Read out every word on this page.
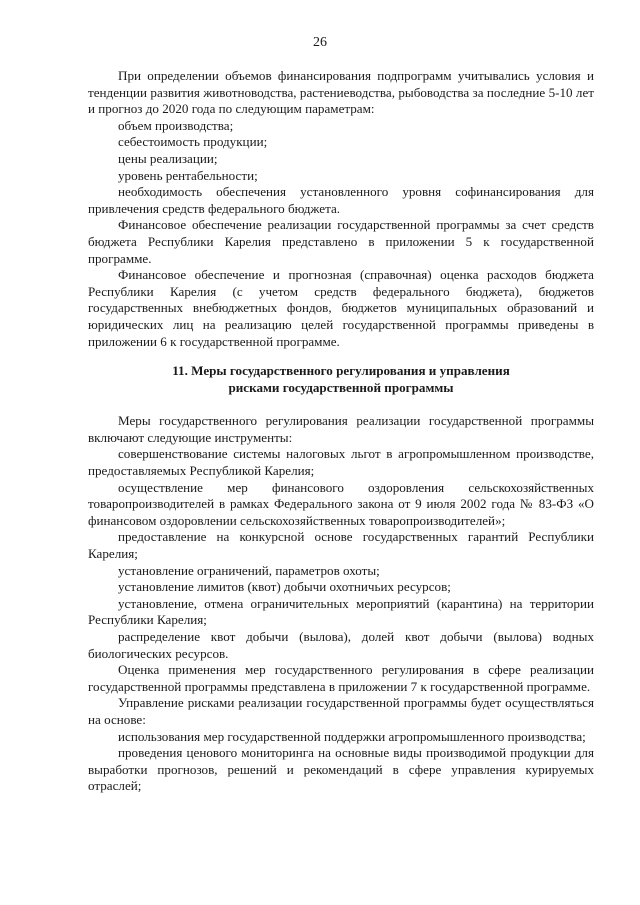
26

При определении объемов финансирования подпрограмм учитывались условия и тенденции развития животноводства, растениеводства, рыбоводства за последние 5-10 лет и прогноз до 2020 года по следующим параметрам:

объем производства;

себестоимость продукции;

цены реализации;

уровень рентабельности;

необходимость обеспечения установленного уровня софинансирования для привлечения средств федерального бюджета.

Финансовое обеспечение реализации государственной программы за счет средств бюджета Республики Карелия представлено в приложении 5 к государственной программе.

Финансовое обеспечение и прогнозная (справочная) оценка расходов бюджета Республики Карелия (с учетом средств федерального бюджета), бюджетов государственных внебюджетных фондов, бюджетов муниципальных образований и юридических лиц на реализацию целей государственной программы приведены в приложении 6 к государственной программе.

11. Меры государственного регулирования и управления
рисками государственной программы

Меры государственного регулирования реализации государственной программы включают следующие инструменты:

совершенствование системы налоговых льгот в агропромышленном производстве, предоставляемых Республикой Карелия;

осуществление мер финансового оздоровления сельскохозяйственных товаропроизводителей в рамках Федерального закона от 9 июля 2002 года № 83-ФЗ «О финансовом оздоровлении сельскохозяйственных товаропроизводителей»;

предоставление на конкурсной основе государственных гарантий Республики Карелия;

установление ограничений, параметров охоты;

установление лимитов (квот) добычи охотничьих ресурсов;

установление, отмена ограничительных мероприятий (карантина) на территории Республики Карелия;

распределение квот добычи (вылова), долей квот добычи (вылова) водных биологических ресурсов.

Оценка применения мер государственного регулирования в сфере реализации государственной программы представлена в приложении 7 к государственной программе.

Управление рисками реализации государственной программы будет осуществляться на основе:

использования мер государственной поддержки агропромышленного производства;

проведения ценового мониторинга на основные виды производимой продукции для выработки прогнозов, решений и рекомендаций в сфере управления курируемых отраслей;
